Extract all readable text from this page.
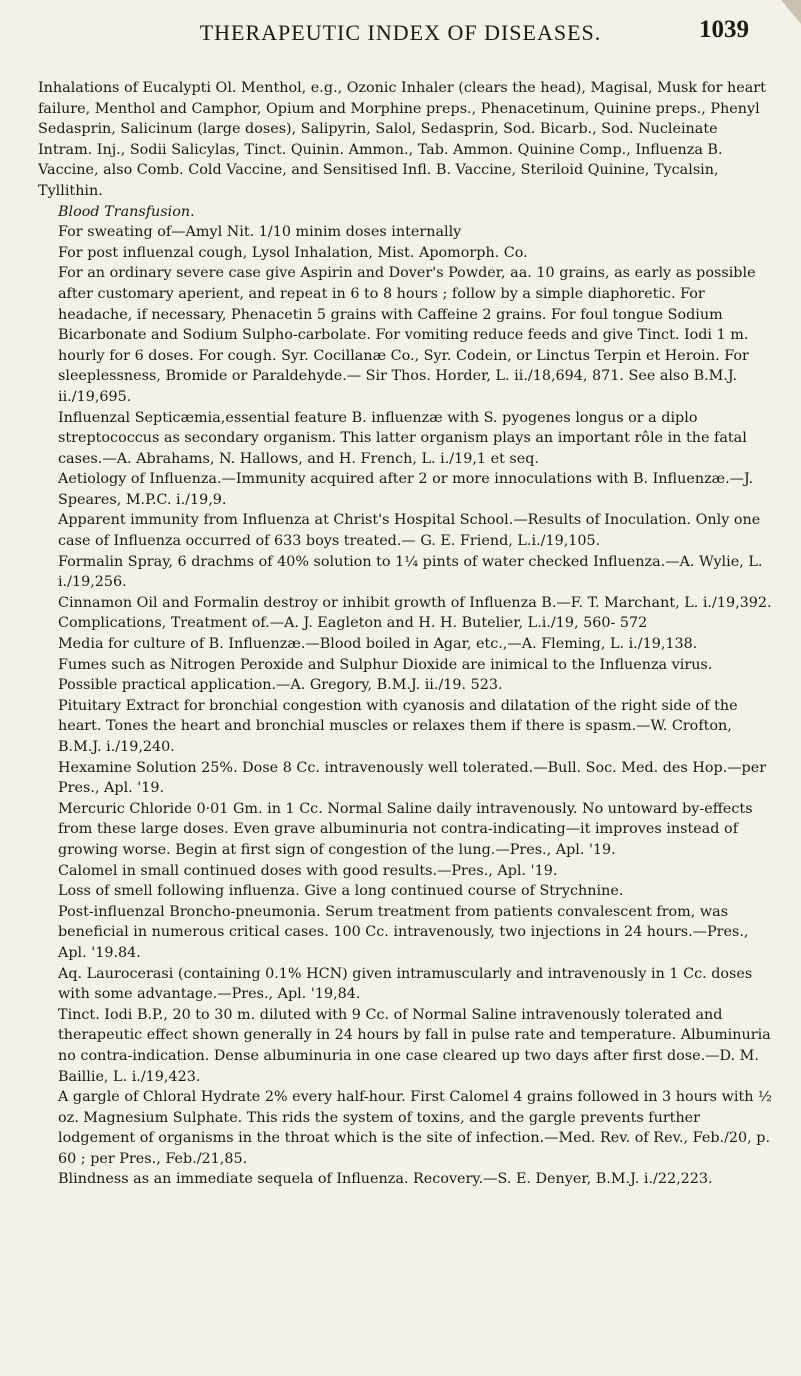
THERAPEUTIC INDEX OF DISEASES.	1039

Inhalations of Eucalypti Ol. Menthol, e.g., Ozonic Inhaler (clears the head), Magisal, Musk for heart failure, Menthol and Camphor, Opium and Morphine preps., Phenacetinum, Quinine preps., Phenyl Sedasprin, Salicinum (large doses), Salipyrin, Salol, Sedasprin, Sod. Bicarb., Sod. Nucleinate Intram. Inj., Sodii Salicylas, Tinct. Quinin. Ammon., Tab. Ammon. Quinine Comp., Influenza B. Vaccine, also Comb. Cold Vaccine, and Sensitised Infl. B. Vaccine, Steriloid Quinine, Tycalsin, Tyllithin.

Blood Transfusion.

For sweating of—Amyl Nit. 1/10 minim doses internally

For post influenzal cough, Lysol Inhalation, Mist. Apomorph. Co.

For an ordinary severe case give Aspirin and Dover's Powder, aa. 10 grains, as early as possible after customary aperient, and repeat in 6 to 8 hours ; follow by a simple diaphoretic. For headache, if necessary, Phenacetin 5 grains with Caffeine 2 grains. For foul tongue Sodium Bicarbonate and Sodium Sulpho-carbolate. For vomiting reduce feeds and give Tinct. Iodi 1 m. hourly for 6 doses. For cough. Syr. Cocillanæ Co., Syr. Codein, or Linctus Terpin et Heroin. For sleeplessness, Bromide or Paraldehyde.— Sir Thos. Horder, L. ii./18,694, 871. See also B.M.J. ii./19,695.

Influenzal Septicæmia,essential feature B. influenzæ with S. pyogenes longus or a diplo streptococcus as secondary organism. This latter organism plays an important rôle in the fatal cases.—A. Abrahams, N. Hallows, and H. French, L. i./19,1 et seq.

Aetiology of Influenza.—Immunity acquired after 2 or more innoculations with B. Influenzæ.—J. Speares, M.P.C. i./19,9.

Apparent immunity from Influenza at Christ's Hospital School.—Results of Inoculation. Only one case of Influenza occurred of 633 boys treated.— G. E. Friend, L.i./19,105.

Formalin Spray, 6 drachms of 40% solution to 1¼ pints of water checked Influenza.—A. Wylie, L. i./19,256.

Cinnamon Oil and Formalin destroy or inhibit growth of Influenza B.—F. T. Marchant, L. i./19,392.

Complications, Treatment of.—A. J. Eagleton and H. H. Butelier, L.i./19, 560- 572

Media for culture of B. Influenzæ.—Blood boiled in Agar, etc.,—A. Fleming, L. i./19,138.

Fumes such as Nitrogen Peroxide and Sulphur Dioxide are inimical to the Influenza virus. Possible practical application.—A. Gregory, B.M.J. ii./19. 523.

Pituitary Extract for bronchial congestion with cyanosis and dilatation of the right side of the heart. Tones the heart and bronchial muscles or relaxes them if there is spasm.—W. Crofton, B.M.J. i./19,240.

Hexamine Solution 25%. Dose 8 Cc. intravenously well tolerated.—Bull. Soc. Med. des Hop.—per Pres., Apl. '19.

Mercuric Chloride 0·01 Gm. in 1 Cc. Normal Saline daily intravenously. No untoward by-effects from these large doses. Even grave albuminuria not contra-indicating—it improves instead of growing worse. Begin at first sign of congestion of the lung.—Pres., Apl. '19.

Calomel in small continued doses with good results.—Pres., Apl. '19.

Loss of smell following influenza. Give a long continued course of Strychnine.

Post-influenzal Broncho-pneumonia. Serum treatment from patients convalescent from, was beneficial in numerous critical cases. 100 Cc. intravenously, two injections in 24 hours.—Pres., Apl. '19.84.

Aq. Laurocerasi (containing 0.1% HCN) given intramuscularly and intravenously in 1 Cc. doses with some advantage.—Pres., Apl. '19,84.

Tinct. Iodi B.P., 20 to 30 m. diluted with 9 Cc. of Normal Saline intravenously tolerated and therapeutic effect shown generally in 24 hours by fall in pulse rate and temperature. Albuminuria no contra-indication. Dense albuminuria in one case cleared up two days after first dose.—D. M. Baillie, L. i./19,423.

A gargle of Chloral Hydrate 2% every half-hour. First Calomel 4 grains followed in 3 hours with ½ oz. Magnesium Sulphate. This rids the system of toxins, and the gargle prevents further lodgement of organisms in the throat which is the site of infection.—Med. Rev. of Rev., Feb./20, p. 60 ; per Pres., Feb./21,85.

Blindness as an immediate sequela of Influenza. Recovery.—S. E. Denyer, B.M.J. i./22,223.
